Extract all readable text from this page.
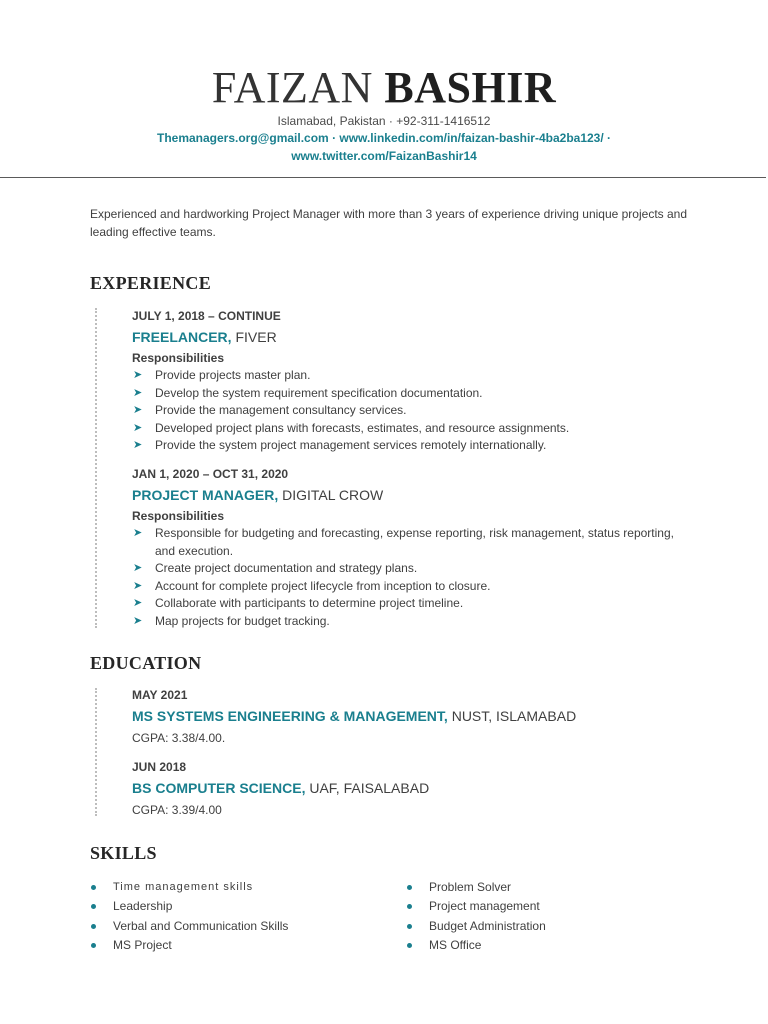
FAIZAN BASHIR
Islamabad, Pakistan · +92-311-1416512
Themanagers.org@gmail.com · www.linkedin.com/in/faizan-bashir-4ba2ba123/ ·
www.twitter.com/FaizanBashir14
Experienced and hardworking Project Manager with more than 3 years of experience driving unique projects and leading effective teams.
EXPERIENCE
JULY 1, 2018 – CONTINUE
FREELANCER, FIVER
Responsibilities
➤ Provide projects master plan.
➤ Develop the system requirement specification documentation.
➤ Provide the management consultancy services.
➤ Developed project plans with forecasts, estimates, and resource assignments.
➤ Provide the system project management services remotely internationally.
JAN 1, 2020 – OCT 31, 2020
PROJECT MANAGER, DIGITAL CROW
Responsibilities
➤ Responsible for budgeting and forecasting, expense reporting, risk management, status reporting, and execution.
➤ Create project documentation and strategy plans.
➤ Account for complete project lifecycle from inception to closure.
➤ Collaborate with participants to determine project timeline.
➤ Map projects for budget tracking.
EDUCATION
MAY 2021
MS SYSTEMS ENGINEERING & MANAGEMENT, NUST, ISLAMABAD
CGPA: 3.38/4.00.
JUN 2018
BS COMPUTER SCIENCE, UAF, FAISALABAD
CGPA: 3.39/4.00
SKILLS
Time management skills
Leadership
Verbal and Communication Skills
MS Project
Problem Solver
Project management
Budget Administration
MS Office
